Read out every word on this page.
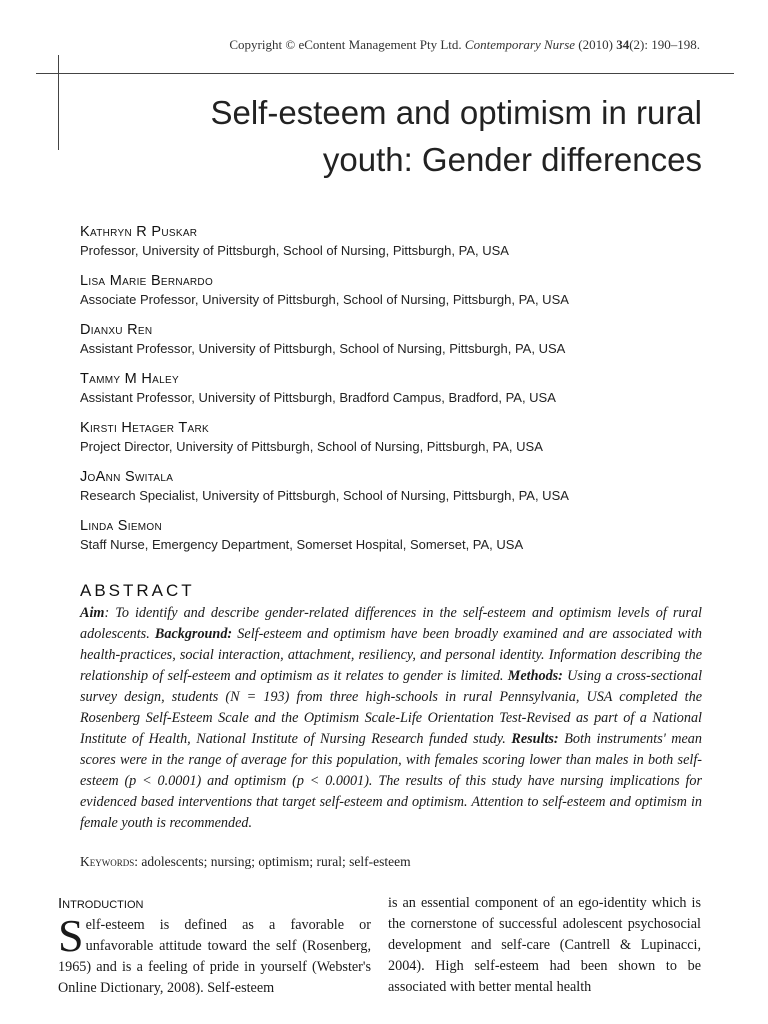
Copyright © eContent Management Pty Ltd. Contemporary Nurse (2010) 34(2): 190–198.
Self-esteem and optimism in rural
youth: Gender differences
Kathryn R Puskar
Professor, University of Pittsburgh, School of Nursing, Pittsburgh, PA, USA
Lisa Marie Bernardo
Associate Professor, University of Pittsburgh, School of Nursing, Pittsburgh, PA, USA
Dianxu Ren
Assistant Professor, University of Pittsburgh, School of Nursing, Pittsburgh, PA, USA
Tammy M Haley
Assistant Professor, University of Pittsburgh, Bradford Campus, Bradford, PA, USA
Kirsti Hetager Tark
Project Director, University of Pittsburgh, School of Nursing, Pittsburgh, PA, USA
JoAnn Switala
Research Specialist, University of Pittsburgh, School of Nursing, Pittsburgh, PA, USA
Linda Siemon
Staff Nurse, Emergency Department, Somerset Hospital, Somerset, PA, USA
ABSTRACT

Aim: To identify and describe gender-related differences in the self-esteem and optimism levels of rural adolescents. Background: Self-esteem and optimism have been broadly examined and are associated with health-practices, social interaction, attachment, resiliency, and personal identity. Information describing the relationship of self-esteem and optimism as it relates to gender is limited. Methods: Using a cross-sectional survey design, students (N = 193) from three high-schools in rural Pennsylvania, USA completed the Rosenberg Self-Esteem Scale and the Optimism Scale-Life Orientation Test-Revised as part of a National Institute of Health, National Institute of Nursing Research funded study. Results: Both instruments' mean scores were in the range of average for this population, with females scoring lower than males in both self-esteem (p < 0.0001) and optimism (p < 0.0001). The results of this study have nursing implications for evidenced based interventions that target self-esteem and optimism. Attention to self-esteem and optimism in female youth is recommended.

Keywords: adolescents; nursing; optimism; rural; self-esteem
Introduction

Self-esteem is defined as a favorable or unfavorable attitude toward the self (Rosenberg, 1965) and is a feeling of pride in yourself (Webster's Online Dictionary, 2008). Self-esteem

is an essential component of an ego-identity which is the cornerstone of successful adolescent psychosocial development and self-care (Cantrell & Lupinacci, 2004). High self-esteem had been shown to be associated with better mental health
